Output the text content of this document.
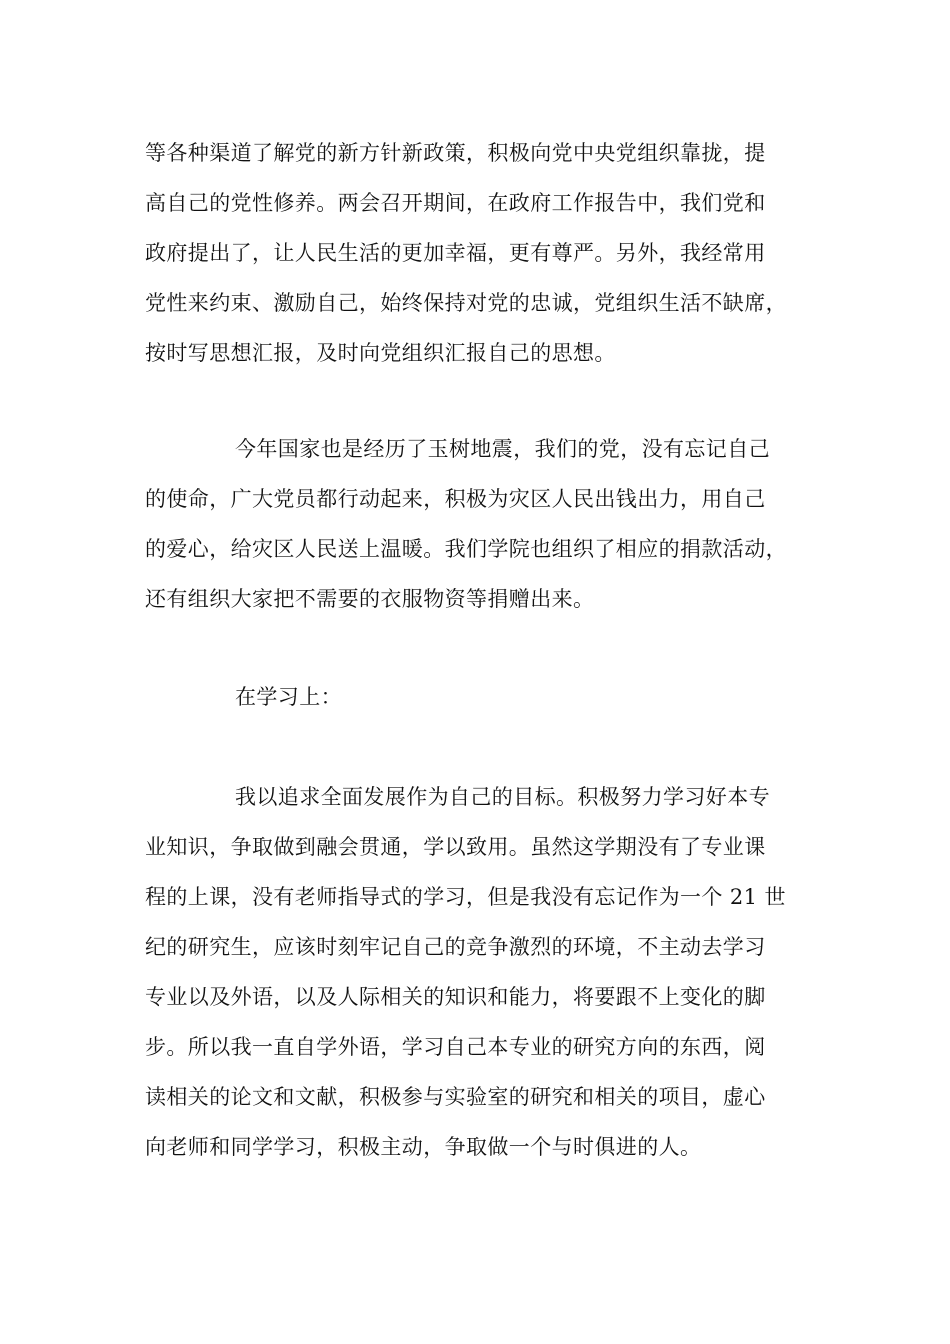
等各种渠道了解党的新方针新政策，积极向党中央党组织靠拢，提
高自己的党性修养。两会召开期间，在政府工作报告中，我们党和
政府提出了，让人民生活的更加幸福，更有尊严。另外，我经常用
党性来约束、激励自己，始终保持对党的忠诚，党组织生活不缺席，
按时写思想汇报，及时向党组织汇报自己的思想。
今年国家也是经历了玉树地震，我们的党，没有忘记自己
的使命，广大党员都行动起来，积极为灾区人民出钱出力，用自己
的爱心，给灾区人民送上温暖。我们学院也组织了相应的捐款活动，
还有组织大家把不需要的衣服物资等捐赠出来。
在学习上：
我以追求全面发展作为自己的目标。积极努力学习好本专
业知识，争取做到融会贯通，学以致用。虽然这学期没有了专业课
程的上课，没有老师指导式的学习，但是我没有忘记作为一个 21 世
纪的研究生，应该时刻牢记自己的竞争激烈的环境，不主动去学习
专业以及外语，以及人际相关的知识和能力，将要跟不上变化的脚
步。所以我一直自学外语，学习自己本专业的研究方向的东西，阅
读相关的论文和文献，积极参与实验室的研究和相关的项目，虚心
向老师和同学学习，积极主动，争取做一个与时俱进的人。
